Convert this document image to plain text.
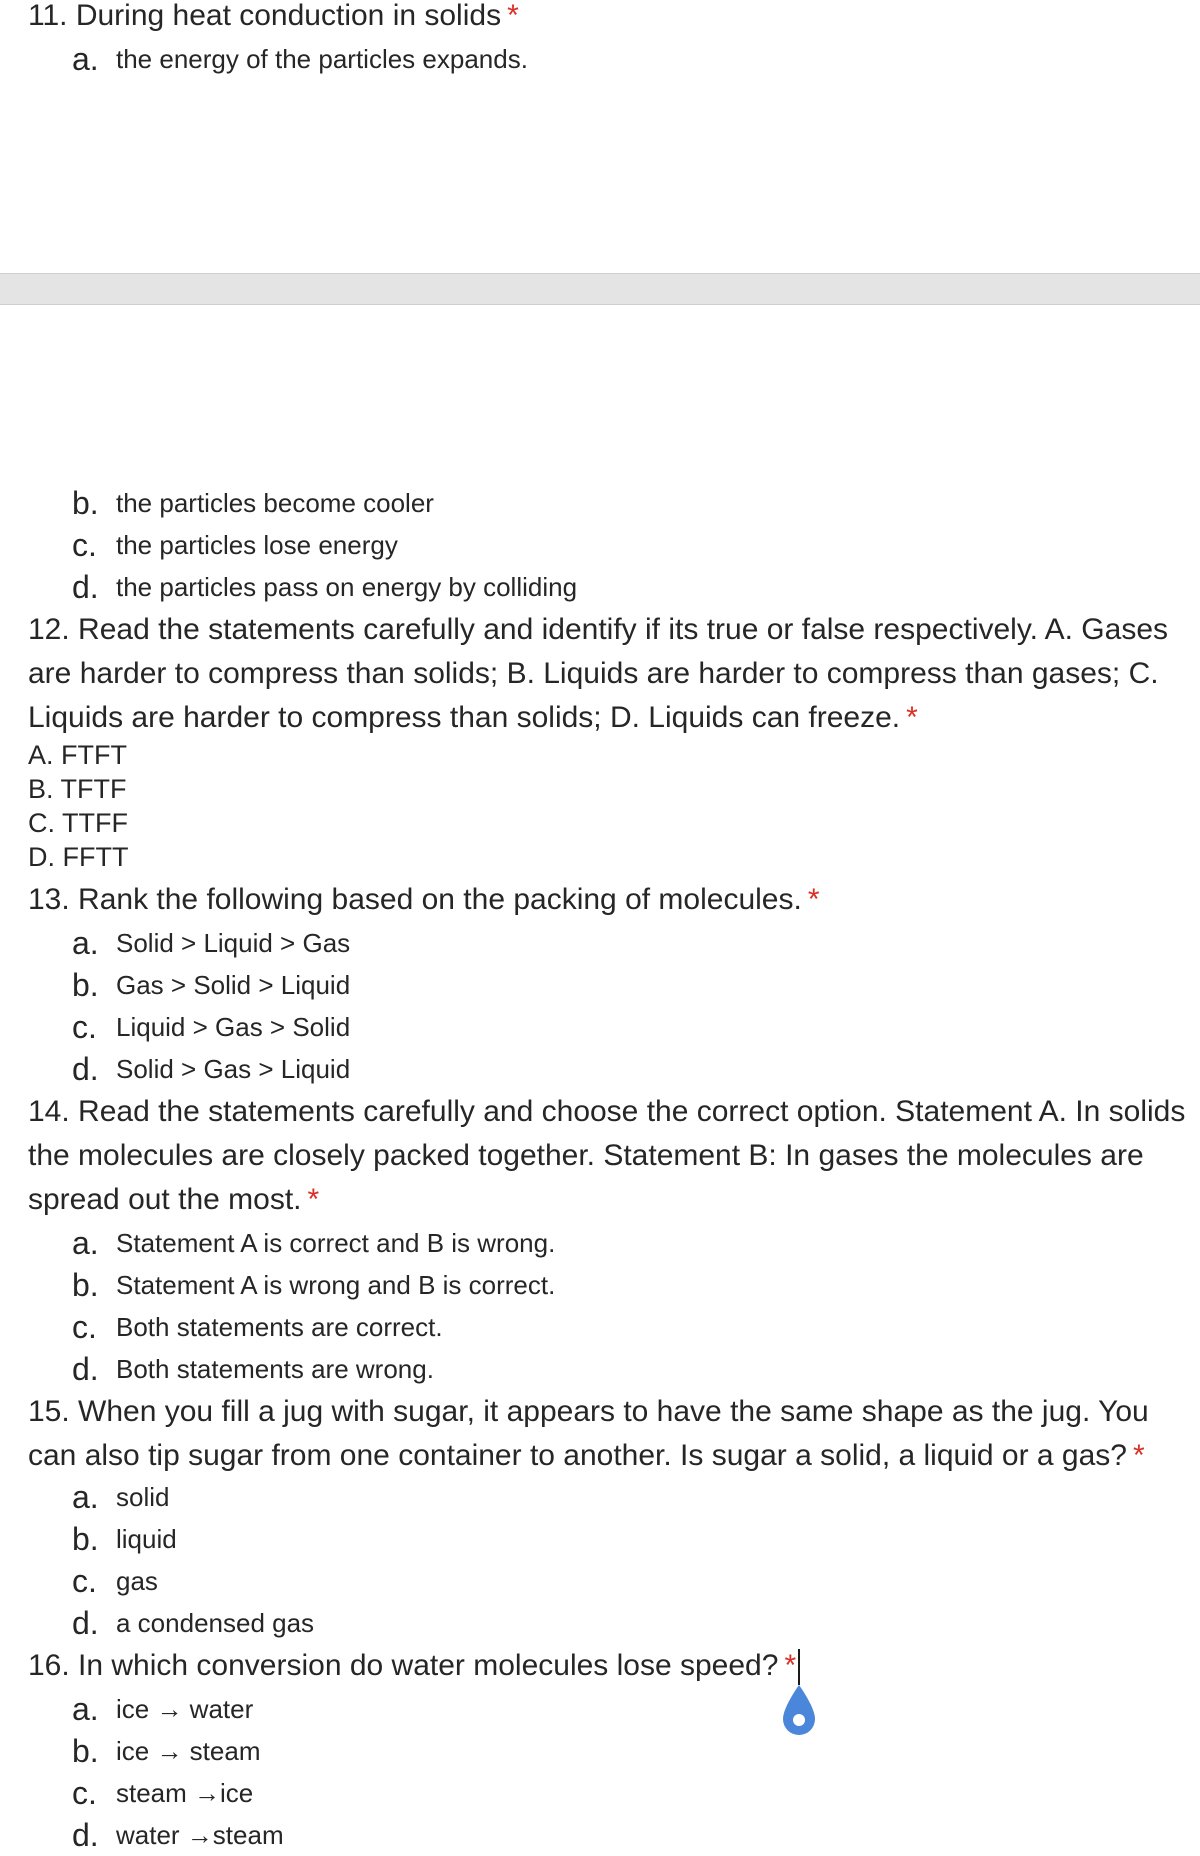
11. During heat conduction in solids *
a. the energy of the particles expands.
b. the particles become cooler
c. the particles lose energy
d. the particles pass on energy by colliding
12. Read the statements carefully and identify if its true or false respectively. A. Gases are harder to compress than solids; B. Liquids are harder to compress than gases; C. Liquids are harder to compress than solids; D. Liquids can freeze. *
A. FTFT
B. TFTF
C. TTFF
D. FFTT
13. Rank the following based on the packing of molecules. *
a. Solid > Liquid > Gas
b. Gas > Solid > Liquid
c. Liquid > Gas > Solid
d. Solid > Gas > Liquid
14. Read the statements carefully and choose the correct option. Statement A. In solids the molecules are closely packed together. Statement B: In gases the molecules are spread out the most. *
a. Statement A is correct and B is wrong.
b. Statement A is wrong and B is correct.
c. Both statements are correct.
d. Both statements are wrong.
15. When you fill a jug with sugar, it appears to have the same shape as the jug. You can also tip sugar from one container to another. Is sugar a solid, a liquid or a gas? *
a. solid
b. liquid
c. gas
d. a condensed gas
16. In which conversion do water molecules lose speed? *
a. ice → water
b. ice → steam
c. steam →ice
d. water →steam
